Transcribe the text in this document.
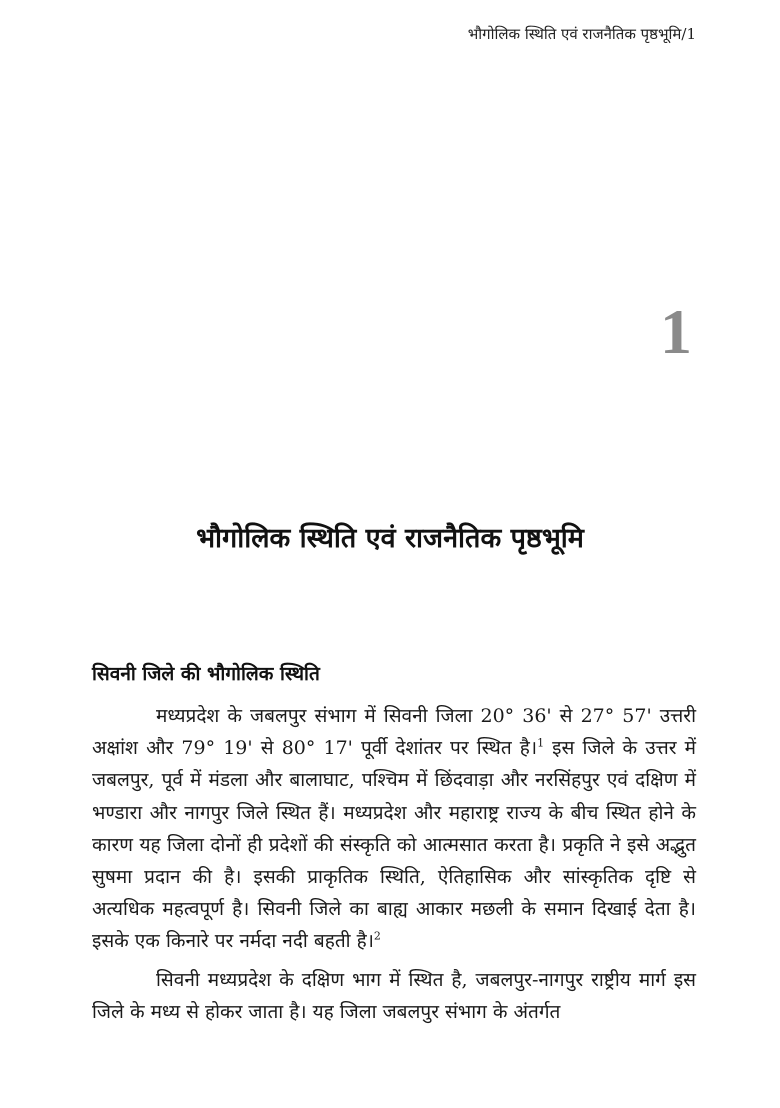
भौगोलिक स्थिति एवं राजनैतिक पृष्ठभूमि/1
1
भौगोलिक स्थिति एवं राजनैतिक पृष्ठभूमि
सिवनी जिले की भौगोलिक स्थिति

मध्यप्रदेश के जबलपुर संभाग में सिवनी जिला 20° 36' से 27° 57' उत्तरी अक्षांश और 79° 19' से 80° 17' पूर्वी देशांतर पर स्थित है।$^1$ इस जिले के उत्तर में जबलपुर, पूर्व में मंडला और बालाघाट, पश्चिम में छिंदवाड़ा और नरसिंहपुर एवं दक्षिण में भण्डारा और नागपुर जिले स्थित हैं। मध्यप्रदेश और महाराष्ट्र राज्य के बीच स्थित होने के कारण यह जिला दोनों ही प्रदेशों की संस्कृति को आत्मसात करता है। प्रकृति ने इसे अद्भुत सुषमा प्रदान की है। इसकी प्राकृतिक स्थिति, ऐतिहासिक और सांस्कृतिक दृष्टि से अत्यधिक महत्वपूर्ण है। सिवनी जिले का बाह्य आकार मछली के समान दिखाई देता है। इसके एक किनारे पर नर्मदा नदी बहती है।$^2$

सिवनी मध्यप्रदेश के दक्षिण भाग में स्थित है, जबलपुर-नागपुर राष्ट्रीय मार्ग इस जिले के मध्य से होकर जाता है। यह जिला जबलपुर संभाग के अंतर्गत
